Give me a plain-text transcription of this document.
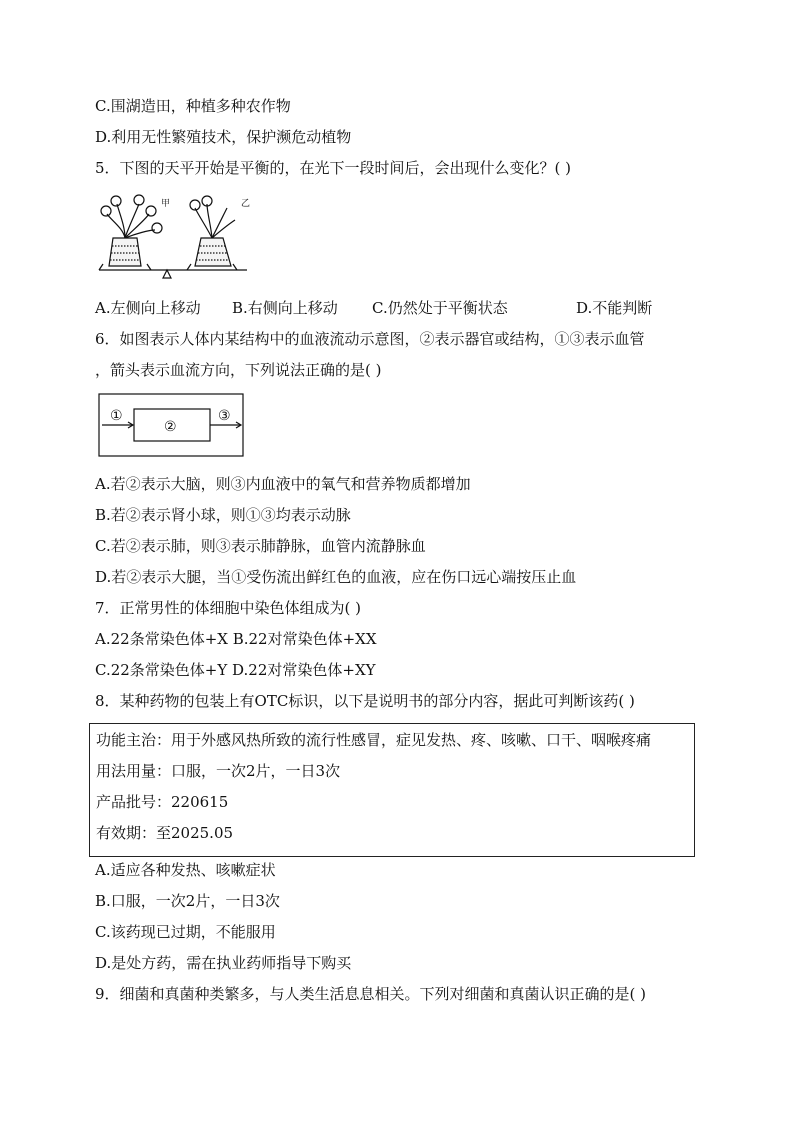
C.围湖造田，种植多种农作物
D.利用无性繁殖技术，保护濒危动植物
5．下图的天平开始是平衡的，在光下一段时间后，会出现什么变化？( )
甲	乙
A.左侧向上移动 B.右侧向上移动 C.仍然处于平衡状态	D.不能判断
6．如图表示人体内某结构中的血液流动示意图，②表示器官或结构，①③表示血管
，箭头表示血流方向，下列说法正确的是( )
①
②
③
A.若②表示大脑，则③内血液中的氧气和营养物质都增加
B.若②表示肾小球，则①③均表示动脉
C.若②表示肺，则③表示肺静脉，血管内流静脉血
D.若②表示大腿，当①受伤流出鲜红色的血液，应在伤口远心端按压止血
7．正常男性的体细胞中染色体组成为( )
A.22条常染色体+X B.22对常染色体+XX
C.22条常染色体+Y D.22对常染色体+XY
8．某种药物的包装上有OTC标识，以下是说明书的部分内容，据此可判断该药( )
功能主治：用于外感风热所致的流行性感冒，症见发热、疼、咳嗽、口干、咽喉疼痛
用法用量：口服，一次2片，一日3次
产品批号：220615
有效期：至2025.05
A.适应各种发热、咳嗽症状
B.口服，一次2片，一日3次
C.该药现已过期，不能服用
D.是处方药，需在执业药师指导下购买
9．细菌和真菌种类繁多，与人类生活息息相关。下列对细菌和真菌认识正确的是( )
